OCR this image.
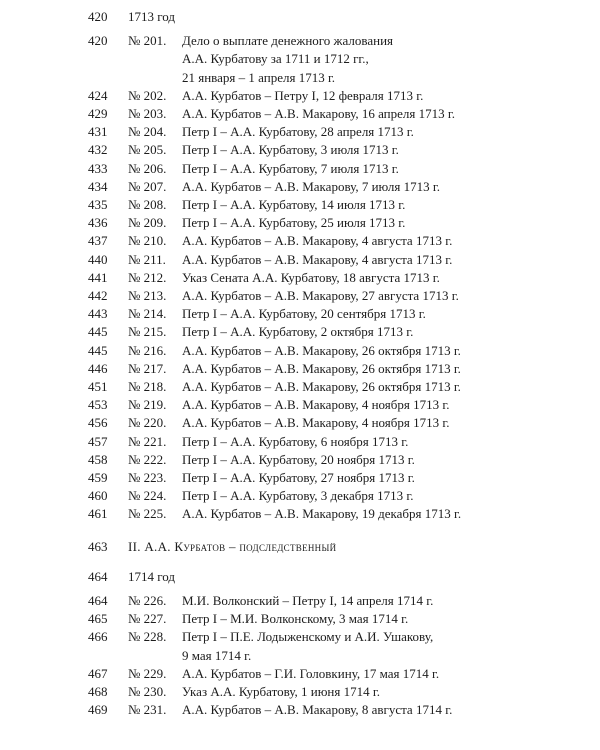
420	1713 год
420	№ 201. Дело о выплате денежного жалования
А.А. Курбатову за 1711 и 1712 гг.,
21 января – 1 апреля 1713 г.
424	№ 202. А.А. Курбатов – Петру I, 12 февраля 1713 г.
429	№ 203. А.А. Курбатов – А.В. Макарову, 16 апреля 1713 г.
431	№ 204. Петр I – А.А. Курбатову, 28 апреля 1713 г.
432	№ 205. Петр I – А.А. Курбатову, 3 июля 1713 г.
433	№ 206. Петр I – А.А. Курбатову, 7 июля 1713 г.
434	№ 207. А.А. Курбатов – А.В. Макарову, 7 июля 1713 г.
435	№ 208. Петр I – А.А. Курбатову, 14 июля 1713 г.
436	№ 209. Петр I – А.А. Курбатову, 25 июля 1713 г.
437	№ 210. А.А. Курбатов – А.В. Макарову, 4 августа 1713 г.
440	№ 211. А.А. Курбатов – А.В. Макарову, 4 августа 1713 г.
441	№ 212. Указ Сената А.А. Курбатову, 18 августа 1713 г.
442	№ 213. А.А. Курбатов – А.В. Макарову, 27 августа 1713 г.
443	№ 214. Петр I – А.А. Курбатову, 20 сентября 1713 г.
445	№ 215. Петр I – А.А. Курбатову, 2 октября 1713 г.
445	№ 216. А.А. Курбатов – А.В. Макарову, 26 октября 1713 г.
446	№ 217. А.А. Курбатов – А.В. Макарову, 26 октября 1713 г.
451	№ 218. А.А. Курбатов – А.В. Макарову, 26 октября 1713 г.
453	№ 219. А.А. Курбатов – А.В. Макарову, 4 ноября 1713 г.
456	№ 220. А.А. Курбатов – А.В. Макарову, 4 ноября 1713 г.
457	№ 221. Петр I – А.А. Курбатову, 6 ноября 1713 г.
458	№ 222. Петр I – А.А. Курбатову, 20 ноября 1713 г.
459	№ 223. Петр I – А.А. Курбатову, 27 ноября 1713 г.
460	№ 224. Петр I – А.А. Курбатову, 3 декабря 1713 г.
461	№ 225. А.А. Курбатов – А.В. Макарову, 19 декабря 1713 г.
463	II. А.А. Курбатов – подследственный
464	1714 год
464	№ 226. М.И. Волконский – Петру I, 14 апреля 1714 г.
465	№ 227. Петр I – М.И. Волконскому, 3 мая 1714 г.
466	№ 228. Петр I – П.Е. Лодыженскому и А.И. Ушакову,
9 мая 1714 г.
467	№ 229. А.А. Курбатов – Г.И. Головкину, 17 мая 1714 г.
468	№ 230. Указ А.А. Курбатову, 1 июня 1714 г.
469	№ 231. А.А. Курбатов – А.В. Макарову, 8 августа 1714 г.
